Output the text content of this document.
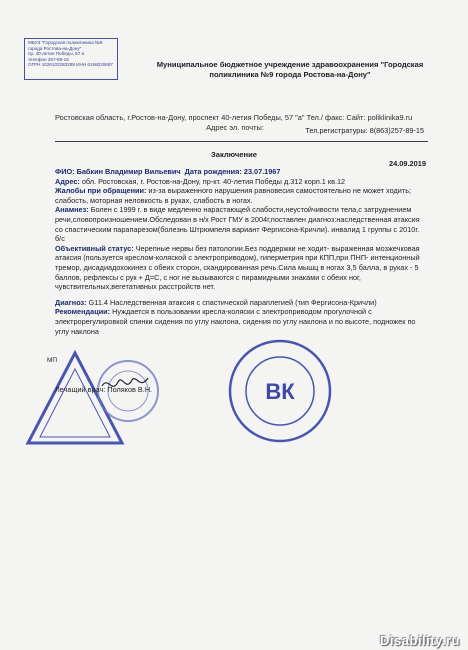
МБУЗ "Городская поликлиника №9
города Ростова-на-Дону"
пр. 40-летия Победы, 57 а
телефон 257-89-15
ОГРН 1026103283288 ИНН 6166020697	Муниципальное бюджетное учреждение здравоохранения "Городская
поликлиника №9 города Ростова-на-Дону"
Ростовская область, г.Ростов-на-Дону, проспект 40-летия Победы, 57 "а" Тел./ факс: Сайт: poliklinika9.ru
Адрес эл. почты:	Тел.регистратуры: 8(863)257-89-15
Заключение
24.09.2019

ФИО: Бабкин Владимир Вильевич Дата рождения: 23.07.1967

Адрес: обл. Ростовская, г. Ростов-на-Дону, пр-кт. 40-летия Победы д.312 корп.1 кв.12

Жалобы при обращении: из-за выраженного нарушения равновесия самостоятельно не может ходить; слабость, моторная неловкость в руках, слабость в ногах.

Анамнез: Болен с 1999 г. в виде медленно нарастающей слабости,неустойчивости тела,с затруднением речи,словопроизношением.Обследован в н/х Рост ГМУ в 2004г,поставлен диагноз:наследственная атаксия со спастическим парапарезом(болезнь Штрюмпеля вариант Фергисона-Кричли). инвалид 1 группы с 2010г. б/с

Объективный статус: Черепные нервы без патологии.Без поддержки не ходит- выраженная мозжечковая атаксия (пользуется креслом-коляской с электроприводом), гиперметрия при КПП,при ПНП- интенционный тремор, дисадиадохокинез с обеих сторон, скандированная речь.Сила мышц в ногах 3,5 балла, в руках - 5 баллов, рефлексы с рук + Д=С, с ног не вызываются с пирамидными знаками с обеих ног, чувствительных,вегетативных расстройств нет.

Диагноз: G11.4 Наследственная атаксия с спастической параплегией (тип Фергисона-Кричли)

Рекомендации: Нуждается в пользовании кресла-коляски с электроприводом прогулочной с электрорегулировкой спинки сидения по углу наклона, сидения по углу наклона и по высоте, подножек по углу наклона

ВК
МП
Лечащий врач: Поляков В.Н.
Disability.ru
